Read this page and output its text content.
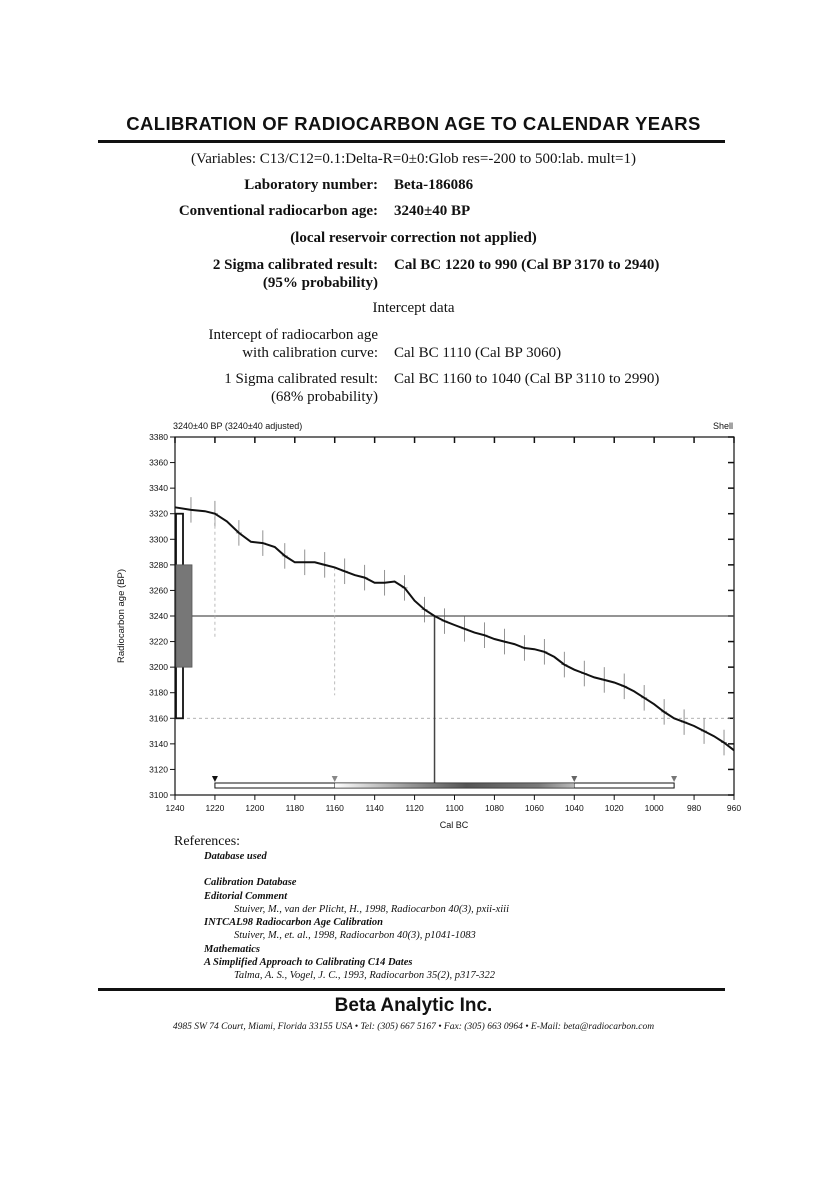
CALIBRATION OF RADIOCARBON AGE TO CALENDAR YEARS
(Variables: C13/C12=0.1:Delta-R=0±0:Glob res=-200 to 500:lab. mult=1)
Laboratory number: Beta-186086
Conventional radiocarbon age: 3240±40 BP
(local reservoir correction not applied)
2 Sigma calibrated result:
(95% probability)
Cal BC 1220 to 990 (Cal BP 3170 to 2940)
Intercept data
Intercept of radiocarbon age
with calibration curve: Cal BC 1110 (Cal BP 3060)
1 Sigma calibrated result:
(68% probability)
Cal BC 1160 to 1040 (Cal BP 3110 to 2990)
1240 1220 1200	1180	1160	1140	1120	1100	1080 1060 1040 1020 1000	980	960
3100
3120
3140
3160
3180
3200
3220
3240
3260
3280
3300
3320
3340
3360
3380
3240±40 BP (3240±40 adjusted)	Shell
Cal BC
Radiocarbon age (BP)
References:
Database used
Calibration Database
Editorial Comment
Stuiver, M., van der Plicht, H., 1998, Radiocarbon 40(3), pxii-xiii
INTCAL98 Radiocarbon Age Calibration
Stuiver, M., et. al., 1998, Radiocarbon 40(3), p1041-1083
Mathematics
A Simplified Approach to Calibrating C14 Dates
Talma, A. S., Vogel, J. C., 1993, Radiocarbon 35(2), p317-322
Beta Analytic Inc.
4985 SW 74 Court, Miami, Florida 33155 USA • Tel: (305) 667 5167 • Fax: (305) 663 0964 • E-Mail: beta@radiocarbon.com
